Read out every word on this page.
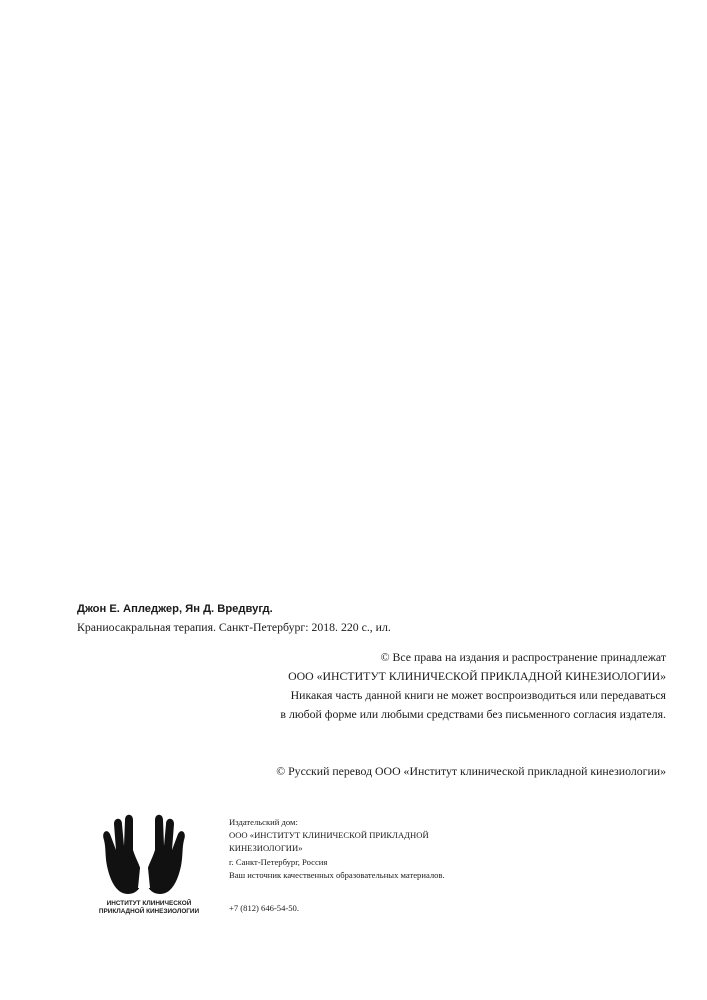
Джон Е. Апледжер, Ян Д. Вредвугд.

Краниосакральная терапия. Санкт-Петербург: 2018. 220 с., ил.

© Все права на издания и распространение принадлежат

ООО «ИНСТИТУТ КЛИНИЧЕСКОЙ ПРИКЛАДНОЙ КИНЕЗИОЛОГИИ»

Никакая часть данной книги не может воспроизводиться или передаваться

в любой форме или любыми средствами без письменного согласия издателя.

© Русский перевод ООО «Институт клинической прикладной кинезиологии»

ИНСТИТУТ КЛИНИЧЕСКОЙ
ПРИКЛАДНОЙ КИНЕЗИОЛОГИИ

Издательский дом:

ООО «ИНСТИТУТ КЛИНИЧЕСКОЙ ПРИКЛАДНОЙ

КИНЕЗИОЛОГИИ»

г. Санкт-Петербург, Россия

Ваш источник качественных образовательных материалов.

+7 (812) 646-54-50.
